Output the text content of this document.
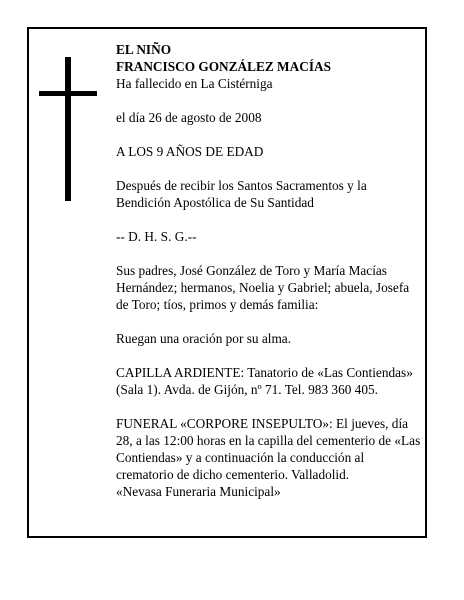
EL NIÑO

FRANCISCO GONZÁLEZ MACÍAS

Ha fallecido en La Cistérniga

el día 26 de agosto de 2008

A LOS 9 AÑOS DE EDAD

Después de recibir los Santos Sacramentos y la

Bendición Apostólica de Su Santidad

-- D. H. S. G.--

Sus padres, José González de Toro y María Macías

Hernández; hermanos, Noelia y Gabriel; abuela, Josefa

de Toro; tíos, primos y demás familia:

Ruegan una oración por su alma.

CAPILLA ARDIENTE: Tanatorio de «Las Contiendas»

(Sala 1). Avda. de Gijón, nº 71. Tel. 983 360 405.

FUNERAL «CORPORE INSEPULTO»: El jueves, día

28, a las 12:00 horas en la capilla del cementerio de «Las

Contiendas» y a continuación la conducción al

crematorio de dicho cementerio. Valladolid.

«Nevasa Funeraria Municipal»
